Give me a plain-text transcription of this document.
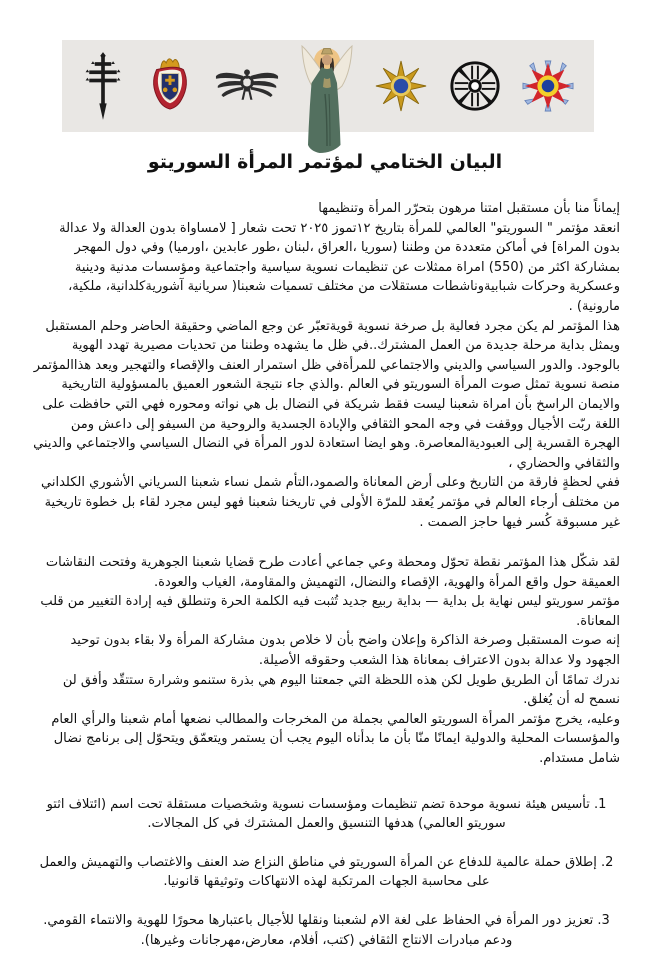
البيان الختامي لمؤتمر المرأة السوريتو

إيماناً منا بأن مستقبل امتنا مرهون بتحرّر المرأة وتنظيمها

انعقد مؤتمر " السوريتو" العالمي للمرأة بتاريخ ١٢تموز ٢٠٢٥ تحت شعار [ لامساواة بدون العدالة ولا عدالة بدون المراة] في أماكن متعددة من وطننا (سوريا ،العراق ،لبنان ،طور عابدين ،اورميا) وفي دول المهجر بمشاركة اكثر من (550) امراة ممثلات عن تنظيمات نسوية سياسية واجتماعية ومؤسسات مدنية ودينية وعسكرية وحركات شبابيةوناشطات مستقلات من مختلف تسميات شعبنا( سريانية آشوريةكلدانية، ملكية، مارونية) .

هذا المؤتمر لم يكن مجرد فعالية بل صرخة نسوية قويةتعبّر عن وجع الماضي وحقيقة الحاضر وحلم المستقبل ويمثل بداية مرحلة جديدة من العمل المشترك..في ظل ما يشهده وطننا من تحديات مصيرية تهدد الهوية بالوجود. والدور السياسي والديني والاجتماعي للمرأةفي ظل استمرار العنف والإقصاء والتهجير ويعد هذاالمؤتمر منصة نسوية تمثل صوت المرأة السوريتو في العالم .والذي جاء نتيجة الشعور العميق بالمسؤولية التاريخية والايمان الراسخ بأن امراة شعبنا ليست فقط شريكة في النضال بل هي نواته ومحوره فهي التي حافظت على اللغة ربّت الأجيال ووقفت في وجه المحو الثقافي والإبادة الجسدية والروحية من السيفو إلى داعش ومن الهجرة القسرية إلى العبوديةالمعاصرة. وهو ايضا استعادة لدور المرأة في النضال السياسي والاجتماعي والديني والثقافي والحضاري ،

ففي لحظةٍ فارقة من التاريخ وعلى أرض المعاناة والصمود،التأم شمل نساء شعبنا السرياني الأشوري الكلداني من مختلف أرجاء العالم في مؤتمر يُعقد للمرّة الأولى في تاريخنا شعبنا فهو ليس مجرد لقاء بل خطوة تاريخية غير مسبوقة كُسر فيها حاجز الصمت .

لقد شكّل هذا المؤتمر نقطة تحوّل ومحطة وعي جماعي أعادت طرح قضايا شعبنا الجوهرية وفتحت النقاشات العميقة حول واقع المرأة والهوية، الإقصاء والنضال، التهميش والمقاومة، الغياب والعودة.

مؤتمر سوريتو ليس نهاية بل بداية — بداية ربيع جديد تُثبت فيه الكلمة الحرة وتنطلق فيه إرادة التغيير من قلب المعاناة.

إنه صوت المستقبل وصرخة الذاكرة وإعلان واضح بأن لا خلاص بدون مشاركة المرأة ولا بقاء بدون توحيد الجهود ولا عدالة بدون الاعتراف بمعاناة هذا الشعب وحقوقه الأصيلة.

ندرك تمامًا أن الطريق طويل لكن هذه اللحظة التي جمعتنا اليوم هي بذرة ستنمو وشرارة ستتقّد وأفق لن نسمح له أن يُغلق.

وعليه، يخرج مؤتمر المرأة السوريتو العالمي بجملة من المخرجات والمطالب نضعها أمام شعبنا والرأي العام والمؤسسات المحلية والدولية ايمانًا منّا بأن ما بدأناه اليوم يجب أن يستمر ويتعمّق ويتحوّل إلى برنامج نضال شامل مستدام.

1. تأسيس هيئة نسوية موحدة تضم تنظيمات ومؤسسات نسوية وشخصيات مستقلة تحت اسم (ائتلاف اثتو سوريتو العالمي) هدفها التنسيق والعمل المشترك في كل المجالات.
2. إطلاق حملة عالمية للدفاع عن المرأة السوريتو في مناطق النزاع ضد العنف والاغتصاب والتهميش والعمل على محاسبة الجهات المرتكبة لهذه الانتهاكات وتوثيقها قانونيا.
3. تعزيز دور المرأة في الحفاظ على لغة الام لشعبنا ونقلها للأجيال باعتبارها محورًا للهوية والانتماء القومي. ودعم مبادرات الانتاج الثقافي (كتب، أفلام، معارض،مهرجانات وغيرها).
